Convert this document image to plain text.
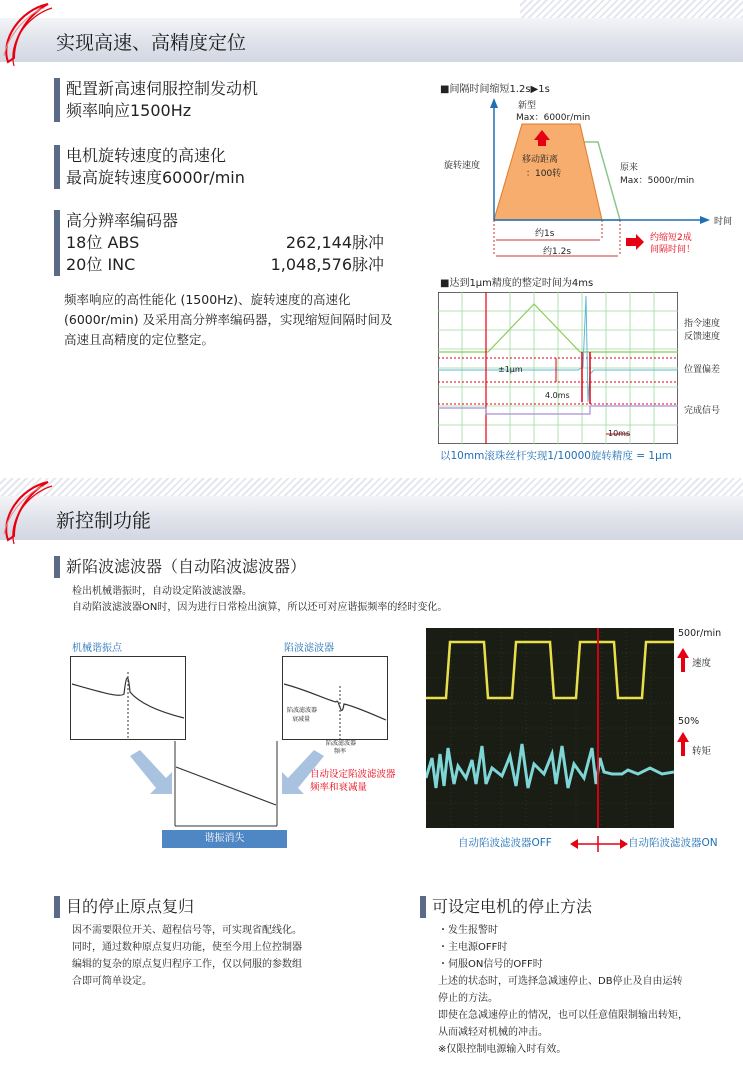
实现高速、高精度定位
配置新高速伺服控制发动机
频率响应1500Hz
电机旋转速度的高速化
最高旋转速度6000r/min
高分辨率编码器
18位 ABS	262,144脉冲
20位 INC	1,048,576脉冲
频率响应的高性能化 (1500Hz)、旋转速度的高速化 (6000r/min) 及采用高分辨率编码器，实现缩短间隔时间及高速且高精度的定位整定。
■间隔时间缩短1.2s▶1s
新型
Max：6000r/min
旋转速度
移动距离
：100转
原来
Max：5000r/min
时间
约1s
约1.2s
约缩短2成
间隔时间！
■达到1μm精度的整定时间为4ms
±1μm
4.0ms
10ms
指令速度
反馈速度
位置偏差
完成信号
以10mm滚珠丝杆实现1/10000旋转精度 = 1μm
新控制功能
新陷波滤波器（自动陷波滤波器）
检出机械谐振时，自动设定陷波滤波器。
自动陷波滤波器ON时，因为进行日常检出演算，所以还可对应谐振频率的经时变化。
机械谐振点	陷波滤波器
陷波滤波器
衰减量
陷波滤波器
频率
自动设定陷波滤波器
频率和衰减量
谐振消失
500r/min
速度
50%
转矩
自动陷波滤波器OFF	自动陷波滤波器ON
目的停止原点复归
因不需要限位开关、超程信号等，可实现省配线化。
同时，通过数种原点复归功能，使至今用上位控制器
编辑的复杂的原点复归程序工作，仅以伺服的参数组
合即可简单设定。
可设定电机的停止方法
・发生报警时
・主电源OFF时
・伺服ON信号的OFF时
上述的状态时，可选择急减速停止、DB停止及自由运转
停止的方法。
即使在急减速停止的情况，也可以任意值限制输出转矩，
从而减轻对机械的冲击。
※仅限控制电源输入时有效。
